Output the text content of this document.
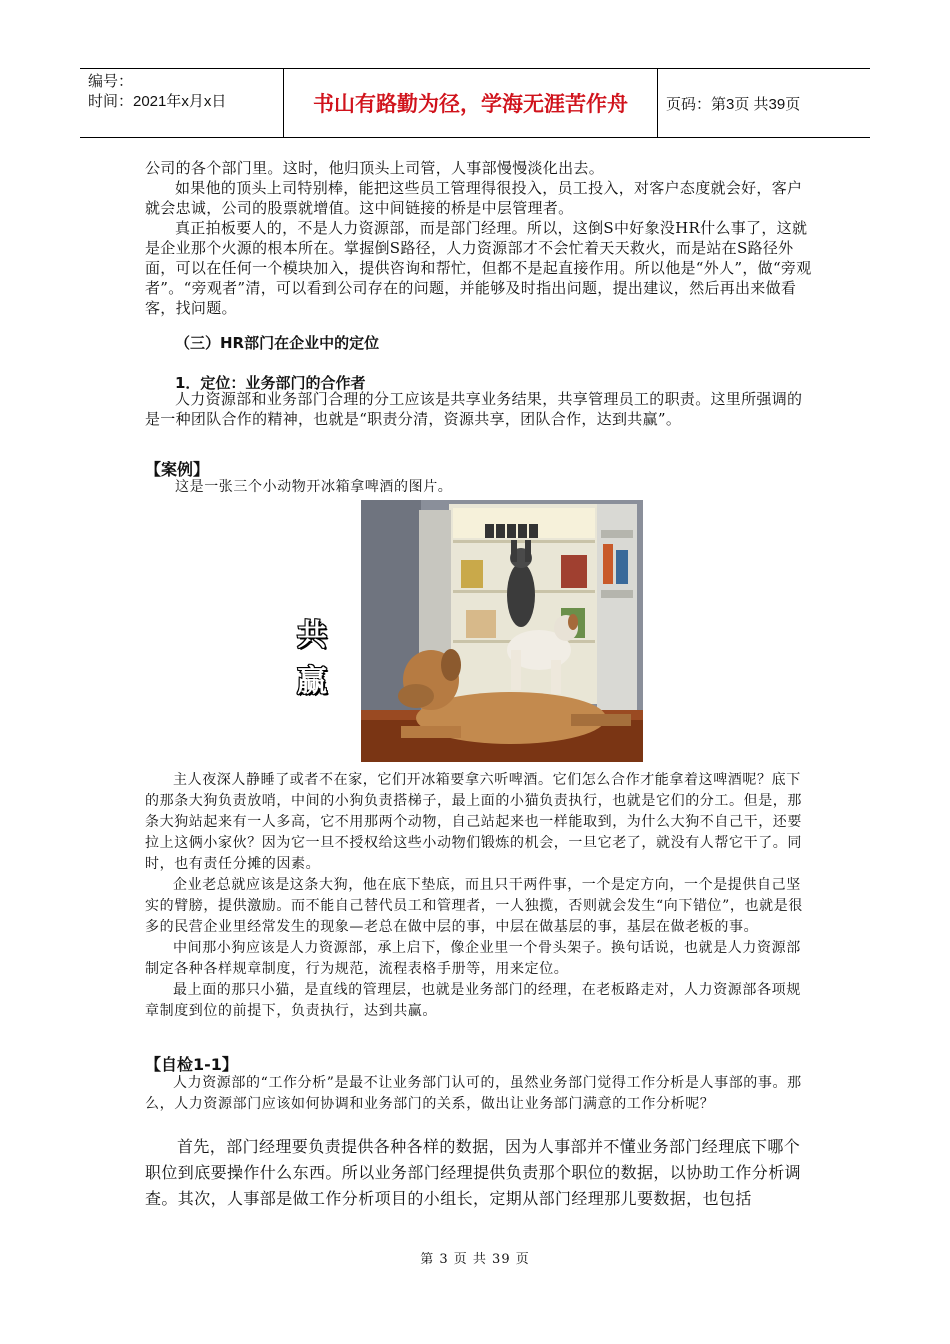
编号：
时间：2021年x月x日	书山有路勤为径，学海无涯苦作舟	页码：第3页 共39页

公司的各个部门里。这时，他归顶头上司管，人事部慢慢淡化出去。

如果他的顶头上司特别棒，能把这些员工管理得很投入，员工投入，对客户态度就会好，客户就会忠诚，公司的股票就增值。这中间链接的桥是中层管理者。

真正拍板要人的，不是人力资源部，而是部门经理。所以，这倒S中好象没HR什么事了，这就是企业那个火源的根本所在。掌握倒S路径，人力资源部才不会忙着天天救火，而是站在S路径外面，可以在任何一个模块加入，提供咨询和帮忙，但都不是起直接作用。所以他是“外人”，做“旁观者”。“旁观者”清，可以看到公司存在的问题，并能够及时指出问题，提出建议，然后再出来做看客，找问题。

（三）HR部门在企业中的定位
1．定位：业务部门的合作者

人力资源部和业务部门合理的分工应该是共享业务结果，共享管理员工的职责。这里所强调的是一种团队合作的精神，也就是“职责分清，资源共享，团队合作，达到共赢”。

【案例】
这是一张三个小动物开冰箱拿啤酒的图片。
共
赢

主人夜深人静睡了或者不在家，它们开冰箱要拿六听啤酒。它们怎么合作才能拿着这啤酒呢？底下的那条大狗负责放哨，中间的小狗负责搭梯子，最上面的小猫负责执行，也就是它们的分工。但是，那条大狗站起来有一人多高，它不用那两个动物，自己站起来也一样能取到，为什么大狗不自己干，还要拉上这俩小家伙？因为它一旦不授权给这些小动物们锻炼的机会，一旦它老了，就没有人帮它干了。同时，也有责任分摊的因素。

企业老总就应该是这条大狗，他在底下垫底，而且只干两件事，一个是定方向，一个是提供自己坚实的臂膀，提供激励。而不能自己替代员工和管理者，一人独揽，否则就会发生“向下错位”，也就是很多的民营企业里经常发生的现象—老总在做中层的事，中层在做基层的事，基层在做老板的事。

中间那小狗应该是人力资源部，承上启下，像企业里一个骨头架子。换句话说，也就是人力资源部制定各种各样规章制度，行为规范，流程表格手册等，用来定位。

最上面的那只小猫，是直线的管理层，也就是业务部门的经理，在老板路走对，人力资源部各项规章制度到位的前提下，负责执行，达到共赢。

【自检1-1】

人力资源部的“工作分析”是最不让业务部门认可的，虽然业务部门觉得工作分析是人事部的事。那么，人力资源部门应该如何协调和业务部门的关系，做出让业务部门满意的工作分析呢？

首先，部门经理要负责提供各种各样的数据，因为人事部并不懂业务部门经理底下哪个职位到底要操作什么东西。所以业务部门经理提供负责那个职位的数据，以协助工作分析调查。其次，人事部是做工作分析项目的小组长，定期从部门经理那儿要数据，也包括

第 3 页 共 39 页
